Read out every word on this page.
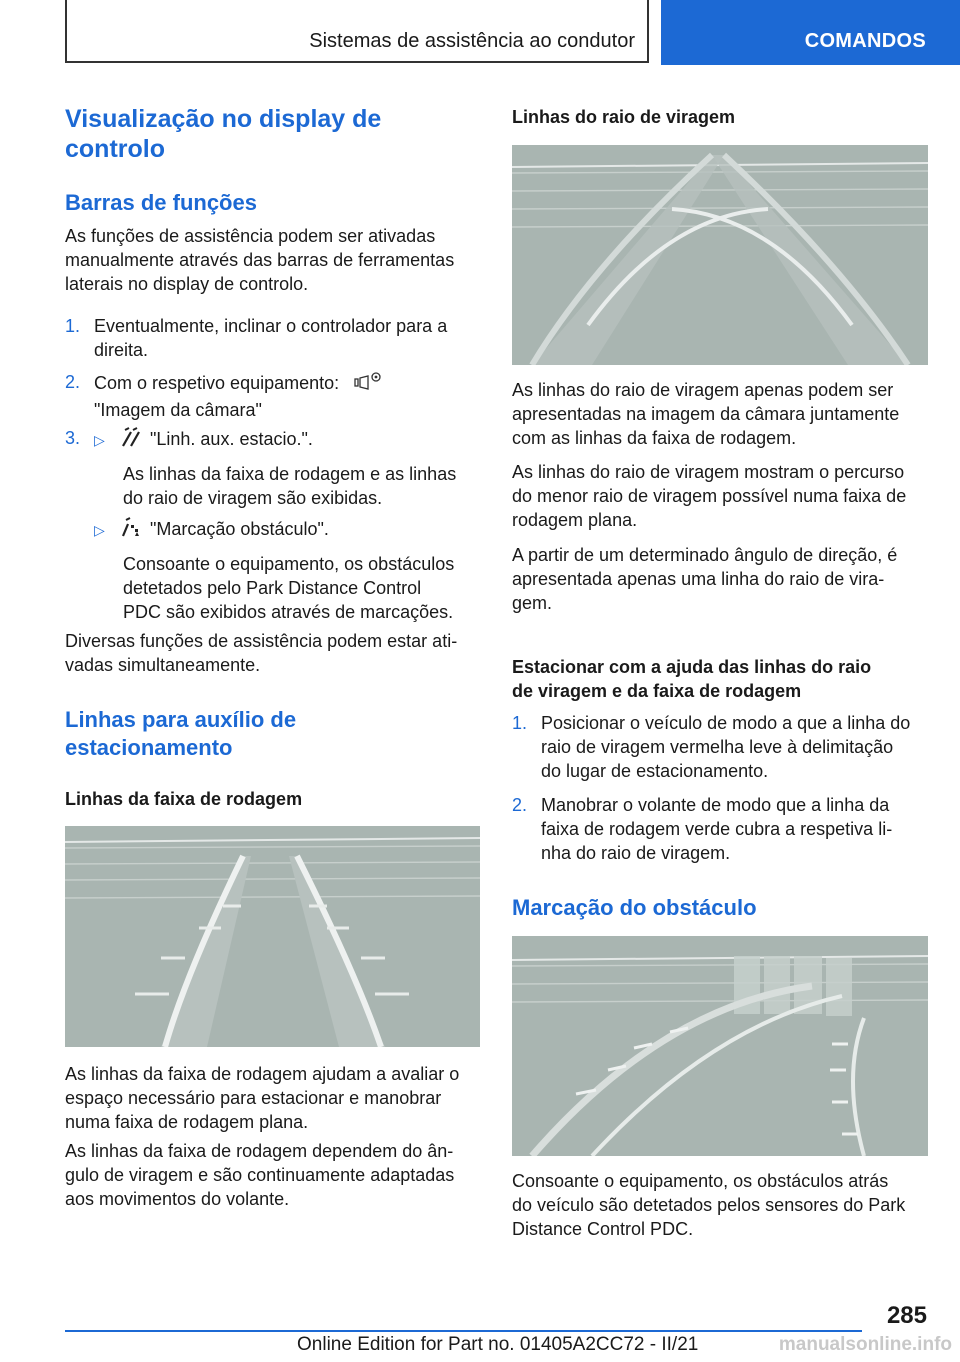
Sistemas de assistência ao condutor	COMANDOS
Visualização no display de
controlo
Barras de funções
As funções de assistência podem ser ativadas
manualmente através das barras de ferramentas
laterais no display de controlo.
1. Eventualmente, inclinar o controlador para a
direita.
2. Com o respetivo equipamento:
"Imagem da câmara"
3. ▷	"Linh. aux. estacio.".
As linhas da faixa de rodagem e as linhas
do raio de viragem são exibidas.
▷	"Marcação obstáculo".
Consoante o equipamento, os obstáculos
detetados pelo Park Distance Control
PDC são exibidos através de marcações.
Diversas funções de assistência podem estar ati-
vadas simultaneamente.
Linhas para auxílio de
estacionamento
Linhas da faixa de rodagem
As linhas da faixa de rodagem ajudam a avaliar o
espaço necessário para estacionar e manobrar
numa faixa de rodagem plana.
As linhas da faixa de rodagem dependem do ân-
gulo de viragem e são continuamente adaptadas
aos movimentos do volante.
Linhas do raio de viragem
As linhas do raio de viragem apenas podem ser
apresentadas na imagem da câmara juntamente
com as linhas da faixa de rodagem.
As linhas do raio de viragem mostram o percurso
do menor raio de viragem possível numa faixa de
rodagem plana.
A partir de um determinado ângulo de direção, é
apresentada apenas uma linha do raio de vira-
gem.
Estacionar com a ajuda das linhas do raio
de viragem e da faixa de rodagem
1. Posicionar o veículo de modo a que a linha do
raio de viragem vermelha leve à delimitação
do lugar de estacionamento.
2. Manobrar o volante de modo que a linha da
faixa de rodagem verde cubra a respetiva li-
nha do raio de viragem.
Marcação do obstáculo
Consoante o equipamento, os obstáculos atrás
do veículo são detetados pelos sensores do Park
Distance Control PDC.
285
Online Edition for Part no. 01405A2CC72 - II/21	manualsonline.info
